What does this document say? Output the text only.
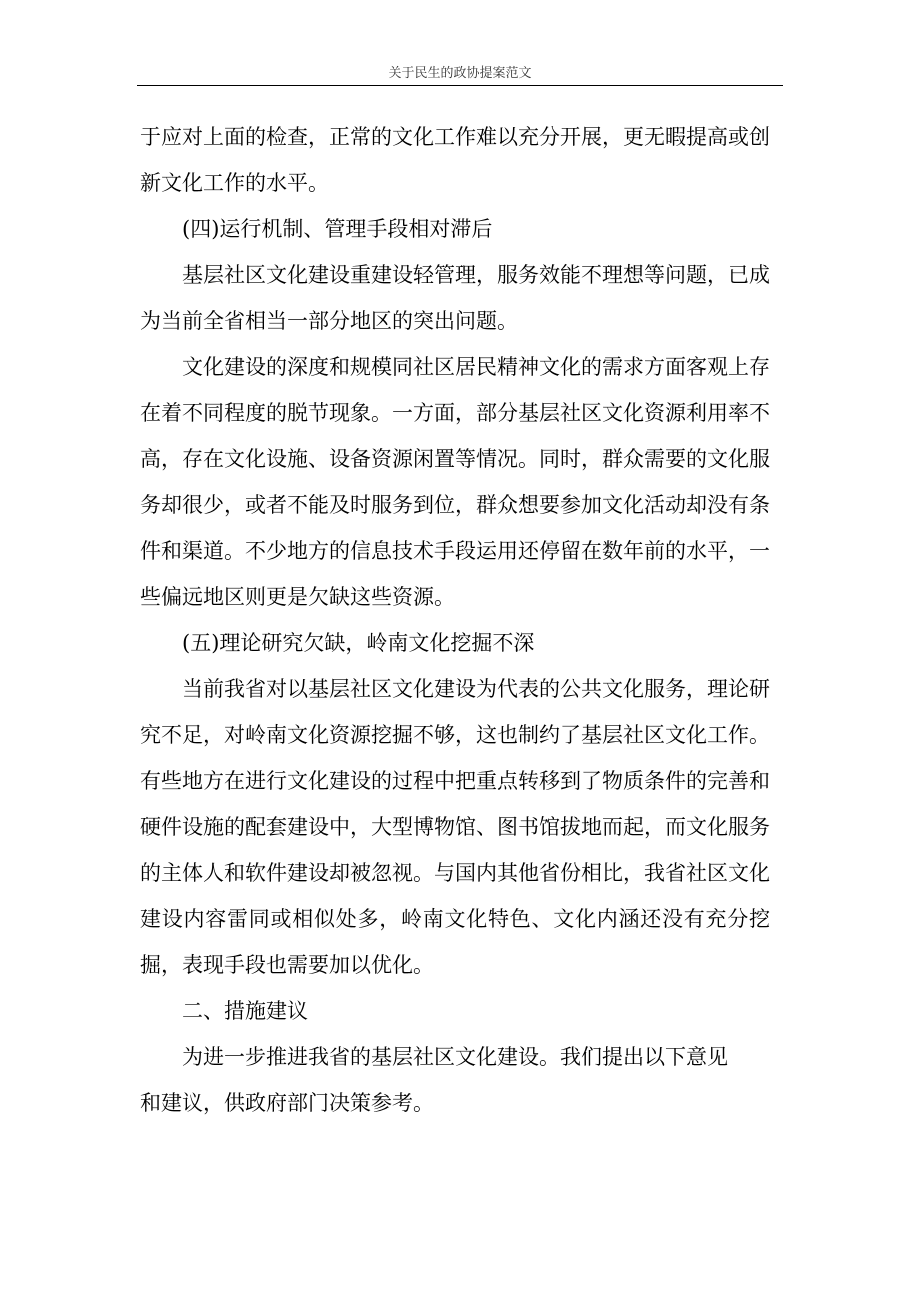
关于民生的政协提案范文

于应对上面的检查，正常的文化工作难以充分开展，更无暇提高或创新文化工作的水平。

(四)运行机制、管理手段相对滞后

基层社区文化建设重建设轻管理，服务效能不理想等问题，已成为当前全省相当一部分地区的突出问题。

文化建设的深度和规模同社区居民精神文化的需求方面客观上存在着不同程度的脱节现象。一方面，部分基层社区文化资源利用率不高，存在文化设施、设备资源闲置等情况。同时，群众需要的文化服务却很少，或者不能及时服务到位，群众想要参加文化活动却没有条件和渠道。不少地方的信息技术手段运用还停留在数年前的水平，一些偏远地区则更是欠缺这些资源。

(五)理论研究欠缺，岭南文化挖掘不深

当前我省对以基层社区文化建设为代表的公共文化服务，理论研究不足，对岭南文化资源挖掘不够，这也制约了基层社区文化工作。有些地方在进行文化建设的过程中把重点转移到了物质条件的完善和硬件设施的配套建设中，大型博物馆、图书馆拔地而起，而文化服务的主体人和软件建设却被忽视。与国内其他省份相比，我省社区文化建设内容雷同或相似处多，岭南文化特色、文化内涵还没有充分挖掘，表现手段也需要加以优化。

二、措施建议

为进一步推进我省的基层社区文化建设。我们提出以下意见
和建议，供政府部门决策参考。
